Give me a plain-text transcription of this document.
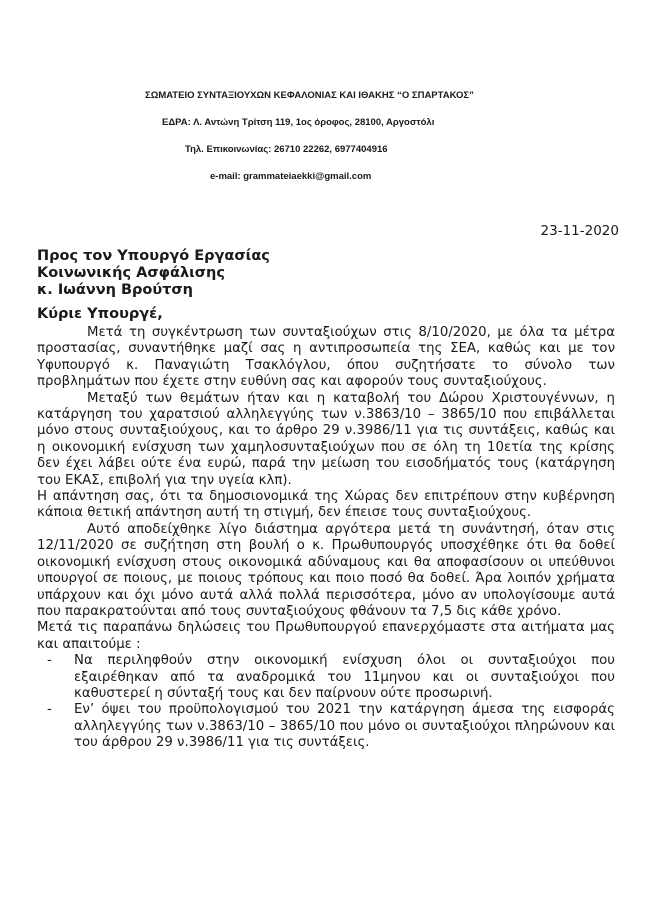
ΣΩΜΑΤΕΙΟ ΣΥΝΤΑΞΙΟΥΧΩΝ ΚΕΦΑΛΟΝΙΑΣ ΚΑΙ ΙΘΑΚΗΣ “Ο ΣΠΑΡΤΑΚΟΣ”
ΕΔΡΑ: Λ. Αντώνη Τρίτση 119, 1ος όροφος, 28100, Αργοστόλι
Τηλ. Επικοινωνίας: 26710 22262, 6977404916
e-mail: grammateiaekki@gmail.com
23-11-2020
Προς τον Υπουργό Εργασίας
Κοινωνικής Ασφάλισης
κ. Ιωάννη Βρούτση
Κύριε Υπουργέ,

Μετά τη συγκέντρωση των συνταξιούχων στις 8/10/2020, με όλα τα μέτρα προστασίας, συναντήθηκε μαζί σας η αντιπροσωπεία της ΣΕΑ, καθώς και με τον Υφυπουργό κ. Παναγιώτη Τσακλόγλου, όπου συζητήσατε το σύνολο των προβλημάτων που έχετε στην ευθύνη σας και αφορούν τους συνταξιούχους.

Μεταξύ των θεμάτων ήταν και η καταβολή του Δώρου Χριστουγέννων, η κατάργηση του χαρατσιού αλληλεγγύης των ν.3863/10 – 3865/10 που επιβάλλεται μόνο στους συνταξιούχους, και το άρθρο 29 ν.3986/11 για τις συντάξεις, καθώς και η οικονομική ενίσχυση των χαμηλοσυνταξιούχων που σε όλη τη 10ετία της κρίσης δεν έχει λάβει ούτε ένα ευρώ, παρά την μείωση του εισοδήματός τους (κατάργηση του ΕΚΑΣ, επιβολή για την υγεία κλπ).

Η απάντηση σας, ότι τα δημοσιονομικά της Χώρας δεν επιτρέπουν στην κυβέρνηση κάποια θετική απάντηση αυτή τη στιγμή, δεν έπεισε τους συνταξιούχους.

Αυτό αποδείχθηκε λίγο διάστημα αργότερα μετά τη συνάντησή, όταν στις 12/11/2020 σε συζήτηση στη βουλή ο κ. Πρωθυπουργός υποσχέθηκε ότι θα δοθεί οικονομική ενίσχυση στους οικονομικά αδύναμους και θα αποφασίσουν οι υπεύθυνοι υπουργοί σε ποιους, με ποιους τρόπους και ποιο ποσό θα δοθεί. Άρα λοιπόν χρήματα υπάρχουν και όχι μόνο αυτά αλλά πολλά περισσότερα, μόνο αν υπολογίσουμε αυτά που παρακρατούνται από τους συνταξιούχους φθάνουν τα 7,5 δις κάθε χρόνο.

Μετά τις παραπάνω δηλώσεις του Πρωθυπουργού επανερχόμαστε στα αιτήματα μας και απαιτούμε :

- Να περιληφθούν στην οικονομική ενίσχυση όλοι οι συνταξιούχοι που εξαιρέθηκαν από τα αναδρομικά του 11μηνου και οι συνταξιούχοι που καθυστερεί η σύνταξή τους και δεν παίρνουν ούτε προσωρινή.
- Εν’ όψει του προϋπολογισμού του 2021 την κατάργηση άμεσα της εισφοράς αλληλεγγύης των ν.3863/10 – 3865/10 που μόνο οι συνταξιούχοι πληρώνουν και του άρθρου 29 ν.3986/11 για τις συντάξεις.
